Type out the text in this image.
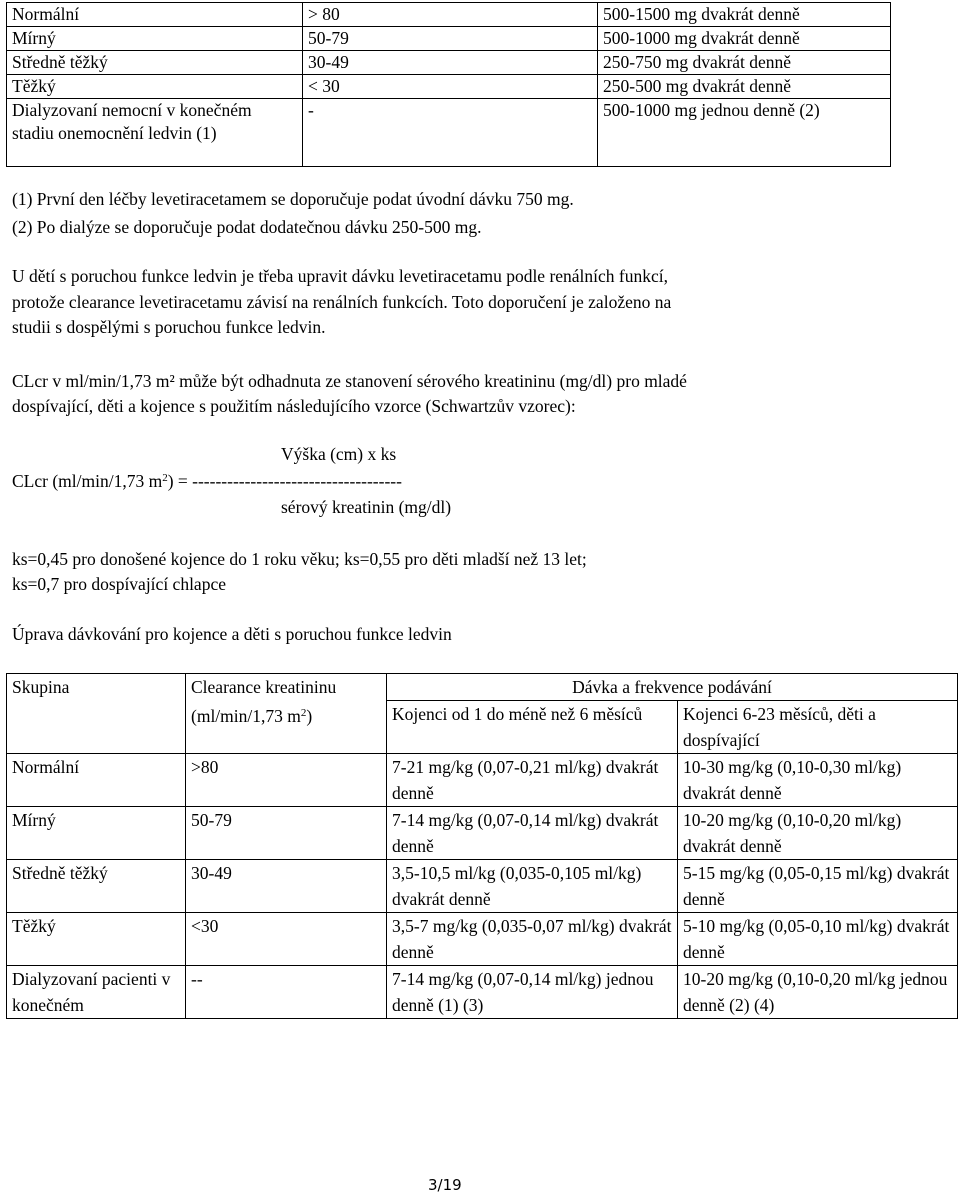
Normální	> 80	500-1500 mg dvakrát denně
Mírný	50-79	500-1000 mg dvakrát denně
Středně těžký	30-49	250-750 mg dvakrát denně
Těžký	< 30	250-500 mg dvakrát denně
Dialyzovaní nemocní v konečném stadiu onemocnění ledvin (1)	-	500-1000 mg jednou denně (2)
(1) První den léčby levetiracetamem se doporučuje podat úvodní dávku 750 mg.
(2) Po dialýze se doporučuje podat dodatečnou dávku 250-500 mg.
U dětí s poruchou funkce ledvin je třeba upravit dávku levetiracetamu podle renálních funkcí,
protože clearance levetiracetamu závisí na renálních funkcích. Toto doporučení je založeno na
studii s dospělými s poruchou funkce ledvin.
CLcr v ml/min/1,73 m² může být odhadnuta ze stanovení sérového kreatininu (mg/dl) pro mladé
dospívající, děti a kojence s použitím následujícího vzorce (Schwartzův vzorec):
Výška (cm) x ks
CLcr (ml/min/1,73 $m^2$) = ------------------------------------
sérový kreatinin (mg/dl)
ks=0,45 pro donošené kojence do 1 roku věku; ks=0,55 pro děti mladší než 13 let;
ks=0,7 pro dospívající chlapce
Úprava dávkování pro kojence a děti s poruchou funkce ledvin
Skupina	Clearance kreatininu (ml/min/1,73 $m^2$)	Dávka a frekvence podávání	
		Kojenci od 1 do méně než 6 měsíců	Kojenci 6-23 měsíců, děti a dospívající
Normální	>80	7-21 mg/kg (0,07-0,21 ml/kg) dvakrát denně	10-30 mg/kg (0,10-0,30 ml/kg) dvakrát denně
Mírný	50-79	7-14 mg/kg (0,07-0,14 ml/kg) dvakrát denně	10-20 mg/kg (0,10-0,20 ml/kg) dvakrát denně
Středně těžký	30-49	3,5-10,5 ml/kg (0,035-0,105 ml/kg) dvakrát denně	5-15 mg/kg (0,05-0,15 ml/kg) dvakrát denně
Těžký	<30	3,5-7 mg/kg (0,035-0,07 ml/kg) dvakrát denně	5-10 mg/kg (0,05-0,10 ml/kg) dvakrát denně
Dialyzovaní pacienti v konečném	--	7-14 mg/kg (0,07-0,14 ml/kg) jednou denně (1) (3)	10-20 mg/kg (0,10-0,20 ml/kg jednou denně (2) (4)
3/19
